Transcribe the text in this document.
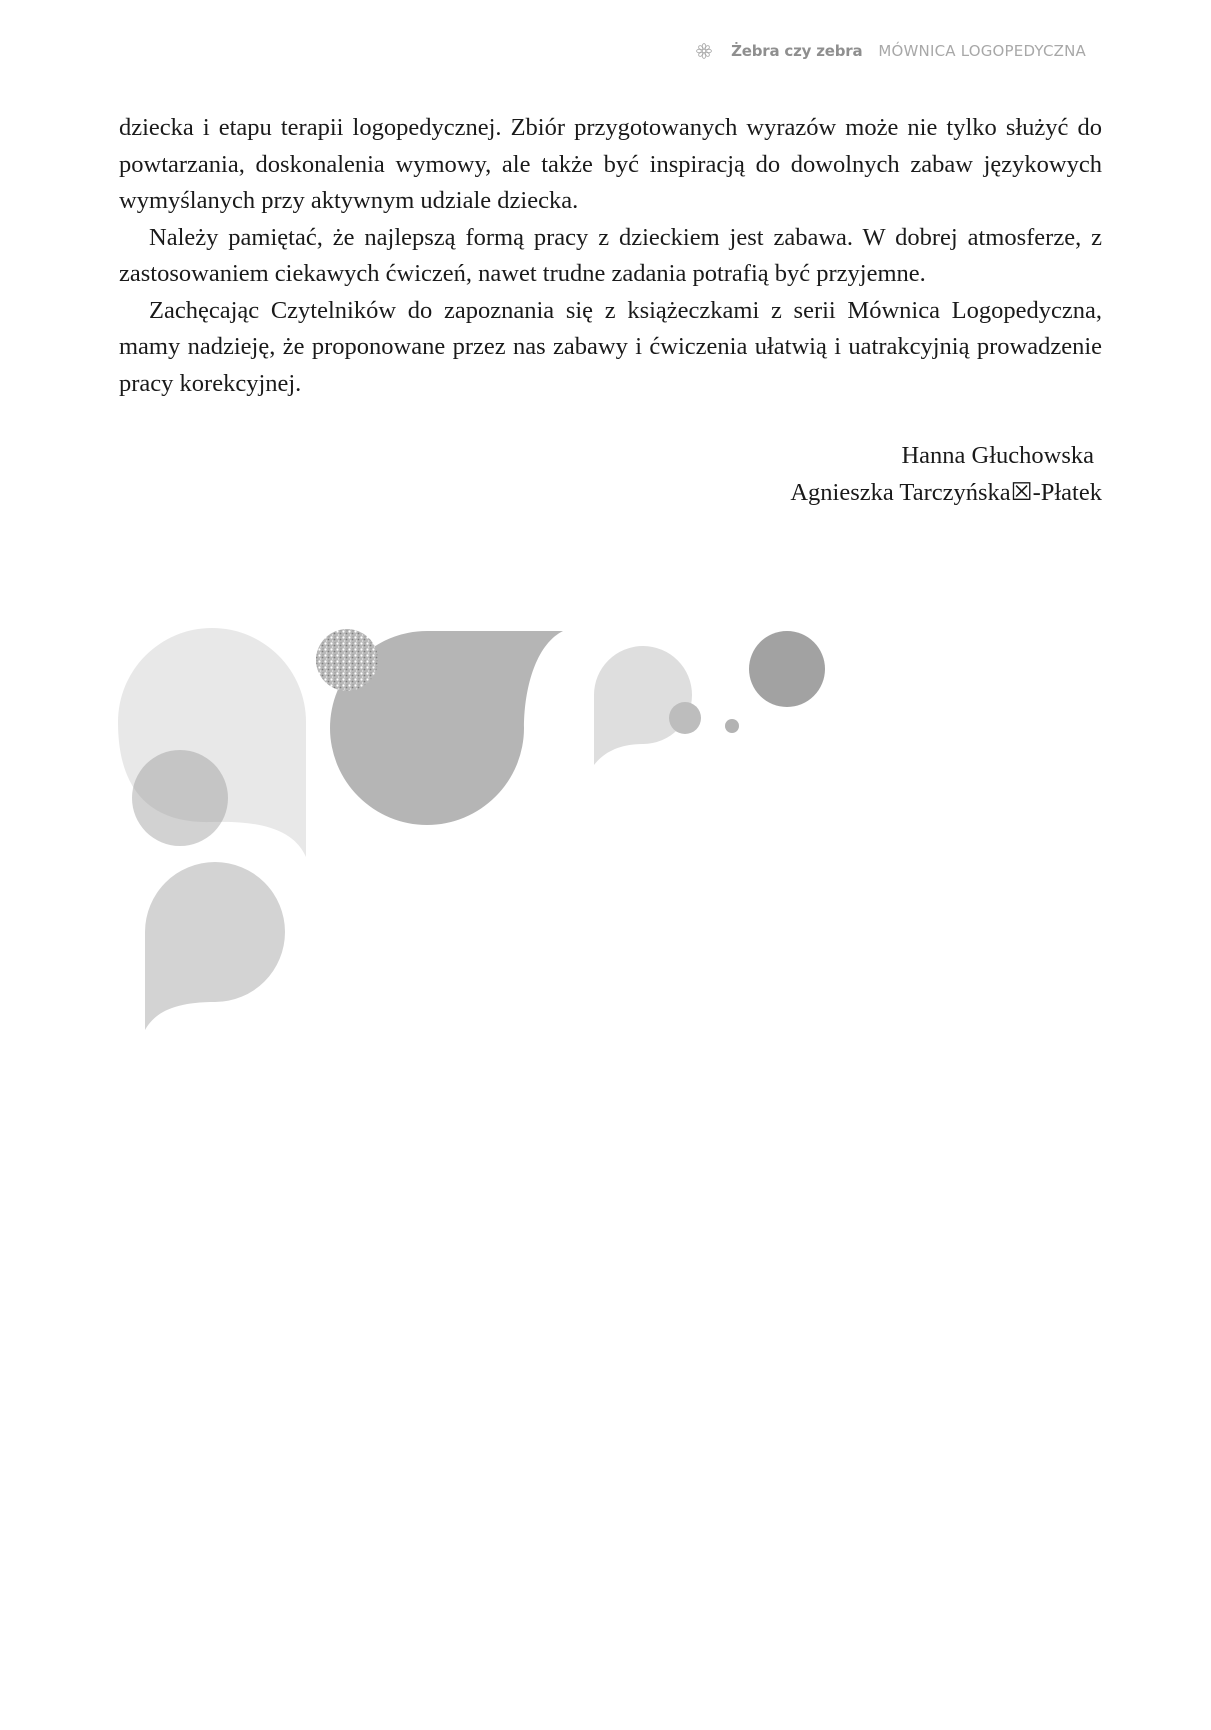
Żebra czy zebra MÓWNICA LOGOPEDYCZNA

dziecka i etapu terapii logopedycznej. Zbiór przygotowanych wyrazów może nie tylko służyć do powtarzania, doskonalenia wymowy, ale także być inspiracją do dowolnych zabaw językowych wymyślanych przy aktywnym udziale dziecka.

Należy pamiętać, że najlepszą formą pracy z dzieckiem jest zabawa. W dobrej atmosferze, z zastosowaniem ciekawych ćwiczeń, nawet trudne zadania potrafią być przyjemne.

Zachęcając Czytelników do zapoznania się z książeczkami z serii Mównica Logopedyczna, mamy nadzieję, że proponowane przez nas zabawy i ćwiczenia ułatwią i uatrakcyjnią prowadzenie pracy korekcyjnej.

Hanna Głuchowska
Agnieszka Tarczyńska☒-Płatek
